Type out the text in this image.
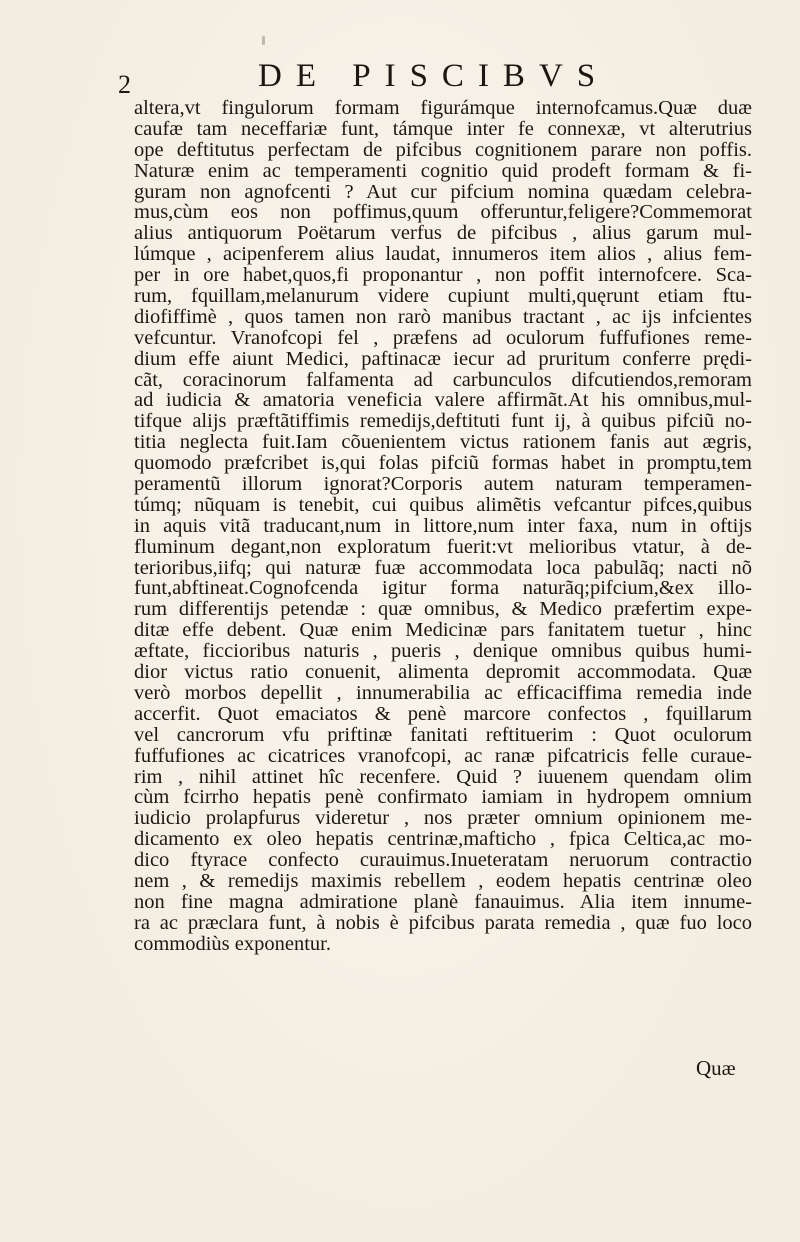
2	DE PISCIBVS
altera,vt fingulorum formam figurámque internofcamus.Quæ duæ
caufæ tam neceffariæ funt, támque inter fe connexæ, vt alterutrius
ope deftitutus perfectam de pifcibus cognitionem parare non poffis.
Naturæ enim ac temperamenti cognitio quid prodeft formam & fi-
guram non agnofcenti ? Aut cur pifcium nomina quædam celebra-
mus,cùm eos non poffimus,quum offeruntur,feligere?Commemorat
alius antiquorum Poëtarum verfus de pifcibus , alius garum mul-
lúmque , acipenferem alius laudat, innumeros item alios , alius fem-
per in ore habet,quos,fi proponantur , non poffit internofcere. Sca-
rum, fquillam,melanurum videre cupiunt multi,quęrunt etiam ftu-
diofiffimè , quos tamen non rarò manibus tractant , ac ijs infcientes
vefcuntur. Vranofcopi fel , præfens ad oculorum fuffufiones reme-
dium effe aiunt Medici, paftinacæ iecur ad pruritum conferre prędi-
cãt, coracinorum falfamenta ad carbunculos difcutiendos,remoram
ad iudicia & amatoria veneficia valere affirmãt.At his omnibus,mul-
tifque alijs præftãtiffimis remedijs,deftituti funt ij, à quibus pifciũ no-
titia neglecta fuit.Iam cõuenientem victus rationem fanis aut ægris,
quomodo præfcribet is,qui folas pifciũ formas habet in promptu,tem
peramentũ illorum ignorat?Corporis autem naturam temperamen-
túmq; nũquam is tenebit, cui quibus alimẽtis vefcantur pifces,quibus
in aquis vitã traducant,num in littore,num inter faxa, num in oftijs
fluminum degant,non exploratum fuerit:vt melioribus vtatur, à de-
terioribus,iifq; qui naturæ fuæ accommodata loca pabulãq; nacti nõ
funt,abftineat.Cognofcenda igitur forma naturãq;pifcium,&ex illo-
rum differentijs petendæ : quæ omnibus, & Medico præfertim expe-
ditæ effe debent. Quæ enim Medicinæ pars fanitatem tuetur , hinc
æftate, ficcioribus naturis , pueris , denique omnibus quibus humi-
dior victus ratio conuenit, alimenta depromit accommodata. Quæ
verò morbos depellit , innumerabilia ac efficaciffima remedia inde
accerfit. Quot emaciatos & penè marcore confectos , fquillarum
vel cancrorum vfu priftinæ fanitati reftituerim : Quot oculorum
fuffufiones ac cicatrices vranofcopi, ac ranæ pifcatricis felle curaue-
rim , nihil attinet hîc recenfere. Quid ? iuuenem quendam olim
cùm fcirrho hepatis penè confirmato iamiam in hydropem omnium
iudicio prolapfurus videretur , nos præter omnium opinionem me-
dicamento ex oleo hepatis centrinæ,mafticho , fpica Celtica,ac mo-
dico ftyrace confecto curauimus.Inueteratam neruorum contractio
nem , & remedijs maximis rebellem , eodem hepatis centrinæ oleo
non fine magna admiratione planè fanauimus. Alia item innume-
ra ac præclara funt, à nobis è pifcibus parata remedia , quæ fuo loco
commodiùs exponentur.
Quæ
